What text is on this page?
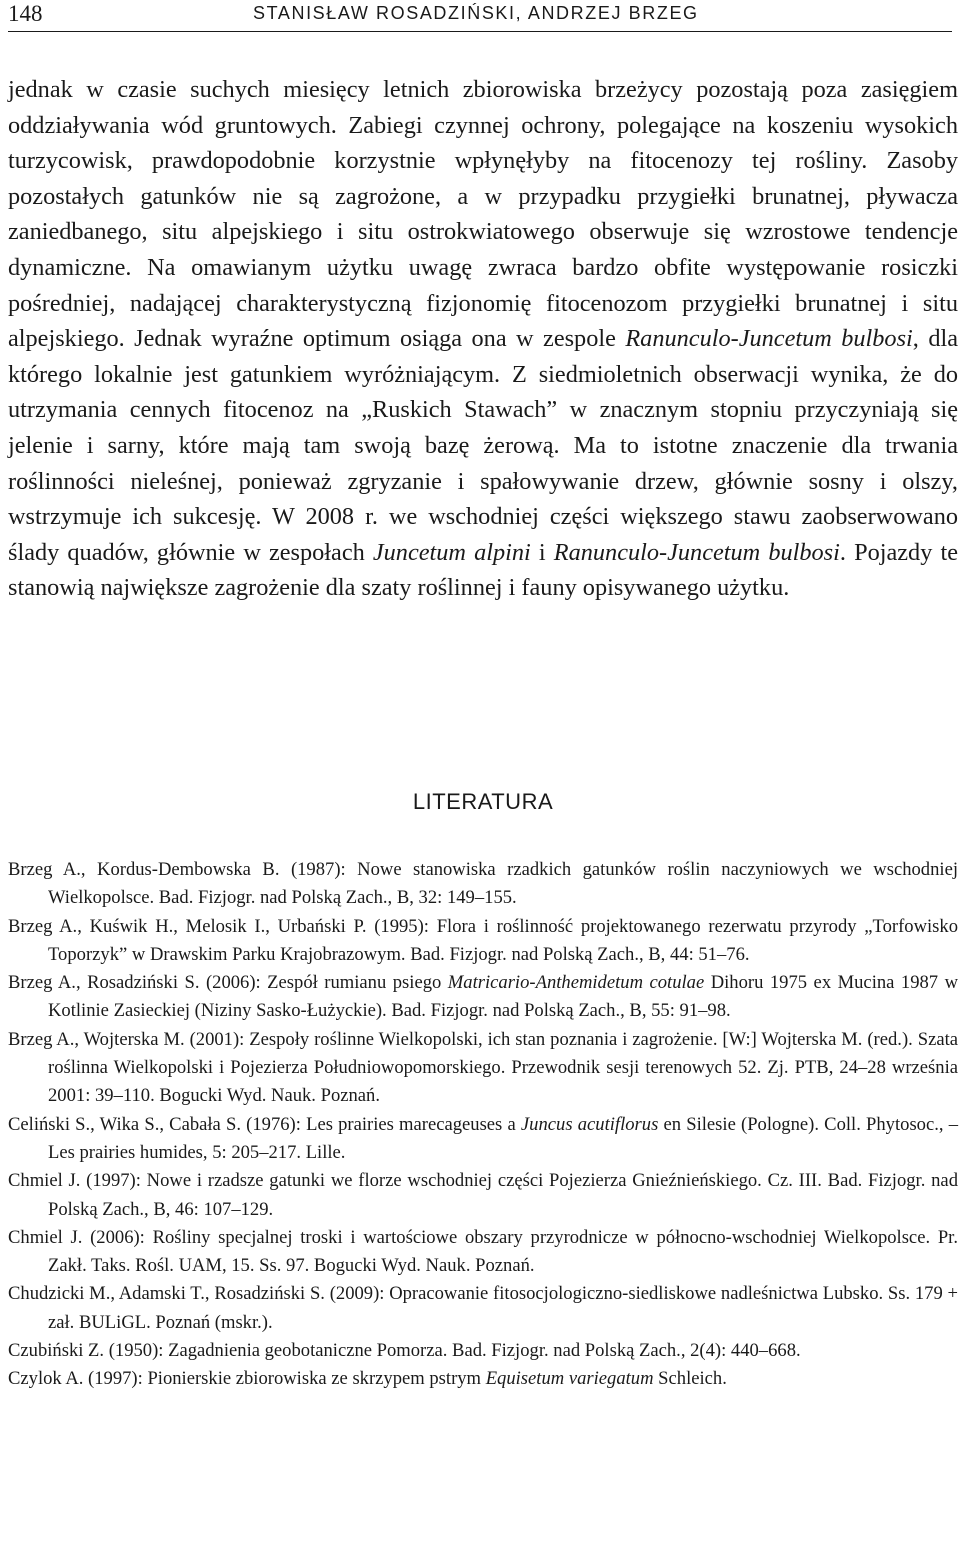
148	STANISŁAW ROSADZIŃSKI, ANDRZEJ BRZEG

jednak w czasie suchych miesięcy letnich zbiorowiska brzeżycy pozostają poza zasięgiem oddziaływania wód gruntowych. Zabiegi czynnej ochrony, polegające na koszeniu wysokich turzycowisk, prawdopodobnie korzystnie wpłynęłyby na fitocenozy tej rośliny. Zasoby pozostałych gatunków nie są zagrożone, a w przypadku przygiełki brunatnej, pływacza zaniedbanego, situ alpejskiego i situ ostrokwiatowego obserwuje się wzrostowe tendencje dynamiczne. Na omawianym użytku uwagę zwraca bardzo obfite występowanie rosiczki pośredniej, nadającej charakterystyczną fizjonomię fitocenozom przygiełki brunatnej i situ alpejskiego. Jednak wyraźne optimum osiąga ona w zespole Ranunculo-Juncetum bulbosi, dla którego lokalnie jest gatunkiem wyróżniającym. Z siedmioletnich obserwacji wynika, że do utrzymania cennych fitocenoz na „Ruskich Stawach” w znacznym stopniu przyczyniają się jelenie i sarny, które mają tam swoją bazę żerową. Ma to istotne znaczenie dla trwania roślinności nieleśnej, ponieważ zgryzanie i spałowywanie drzew, głównie sosny i olszy, wstrzymuje ich sukcesję. W 2008 r. we wschodniej części większego stawu zaobserwowano ślady quadów, głównie w zespołach Juncetum alpini i Ranunculo-Juncetum bulbosi. Pojazdy te stanowią największe zagrożenie dla szaty roślinnej i fauny opisywanego użytku.

LITERATURA
Brzeg A., Kordus-Dembowska B. (1987): Nowe stanowiska rzadkich gatunków roślin naczyniowych we wschodniej Wielkopolsce. Bad. Fizjogr. nad Polską Zach., B, 32: 149–155.
Brzeg A., Kuświk H., Melosik I., Urbański P. (1995): Flora i roślinność projektowanego rezerwatu przyrody „Torfowisko Toporzyk” w Drawskim Parku Krajobrazowym. Bad. Fizjogr. nad Polską Zach., B, 44: 51–76.
Brzeg A., Rosadziński S. (2006): Zespół rumianu psiego Matricario-Anthemidetum cotulae Dihoru 1975 ex Mucina 1987 w Kotlinie Zasieckiej (Niziny Sasko-Łużyckie). Bad. Fizjogr. nad Polską Zach., B, 55: 91–98.
Brzeg A., Wojterska M. (2001): Zespoły roślinne Wielkopolski, ich stan poznania i zagrożenie. [W:] Wojterska M. (red.). Szata roślinna Wielkopolski i Pojezierza Południowopomorskiego. Przewodnik sesji terenowych 52. Zj. PTB, 24–28 września 2001: 39–110. Bogucki Wyd. Nauk. Poznań.
Celiński S., Wika S., Cabała S. (1976): Les prairies marecageuses a Juncus acutiflorus en Silesie (Pologne). Coll. Phytosoc., – Les prairies humides, 5: 205–217. Lille.
Chmiel J. (1997): Nowe i rzadsze gatunki we florze wschodniej części Pojezierza Gnieźnieńskiego. Cz. III. Bad. Fizjogr. nad Polską Zach., B, 46: 107–129.
Chmiel J. (2006): Rośliny specjalnej troski i wartościowe obszary przyrodnicze w północno-wschodniej Wielkopolsce. Pr. Zakł. Taks. Rośl. UAM, 15. Ss. 97. Bogucki Wyd. Nauk. Poznań.
Chudzicki M., Adamski T., Rosadziński S. (2009): Opracowanie fitosocjologiczno-siedliskowe nadleśnictwa Lubsko. Ss. 179 + zał. BULiGL. Poznań (mskr.).
Czubiński Z. (1950): Zagadnienia geobotaniczne Pomorza. Bad. Fizjogr. nad Polską Zach., 2(4): 440–668.
Czylok A. (1997): Pionierskie zbiorowiska ze skrzypem pstrym Equisetum variegatum Schleich.
